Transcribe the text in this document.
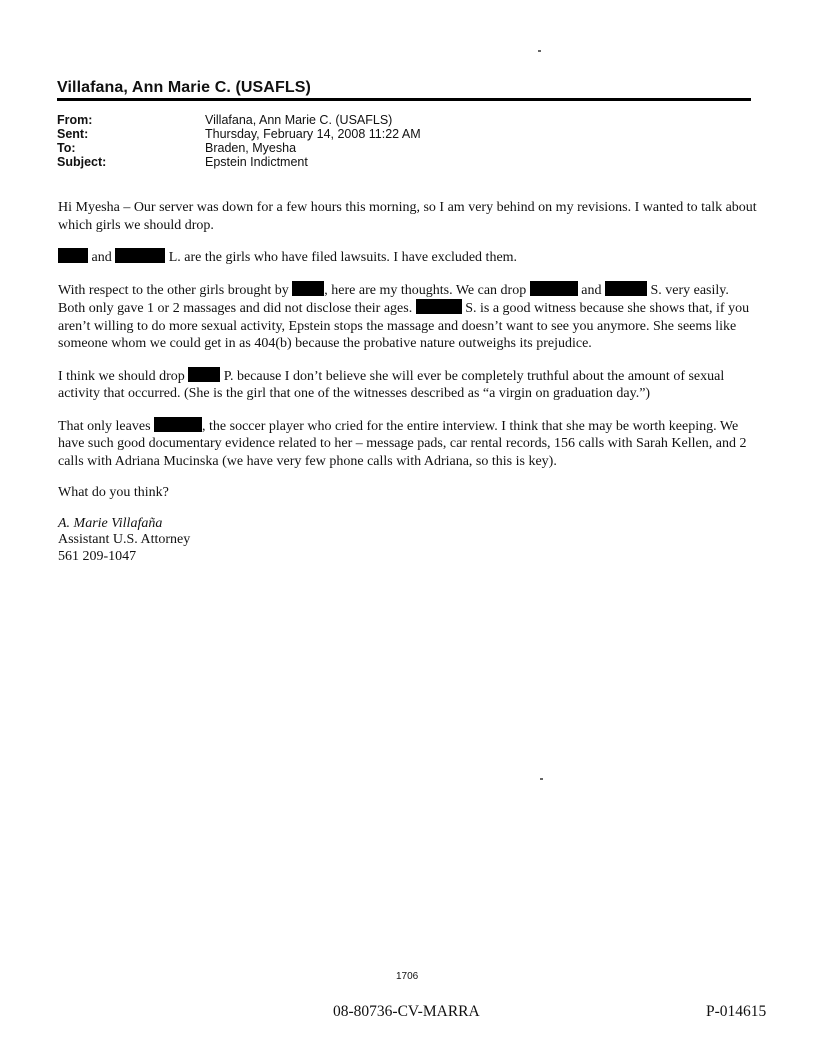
Villafana, Ann Marie C. (USAFLS)
From:	Villafana, Ann Marie C. (USAFLS)
Sent:	Thursday, February 14, 2008 11:22 AM
To:	Braden, Myesha
Subject:	Epstein Indictment

Hi Myesha – Our server was down for a few hours this morning, so I am very behind on my revisions. I wanted to talk about which girls we should drop.

and	L. are the girls who have filed lawsuits. I have excluded them.

With respect to the other girls brought by , here are my thoughts. We can drop	and	S. very easily. Both only gave 1 or 2 massages and did not disclose their ages.	S. is a good witness because she shows that, if you aren’t willing to do more sexual activity, Epstein stops the massage and doesn’t want to see you anymore. She seems like someone whom we could get in as 404(b) because the probative nature outweighs its prejudice.

I think we should drop  P. because I don’t believe she will ever be completely truthful about the amount of sexual activity that occurred. (She is the girl that one of the witnesses described as “a virgin on graduation day.”)

That only leaves	, the soccer player who cried for the entire interview. I think that she may be worth keeping. We have such good documentary evidence related to her – message pads, car rental records, 156 calls with Sarah Kellen, and 2 calls with Adriana Mucinska (we have very few phone calls with Adriana, so this is key).

What do you think?

A. Marie Villafaña
Assistant U.S. Attorney
561 209-1047
1706
08-80736-CV-MARRA	P-014615
